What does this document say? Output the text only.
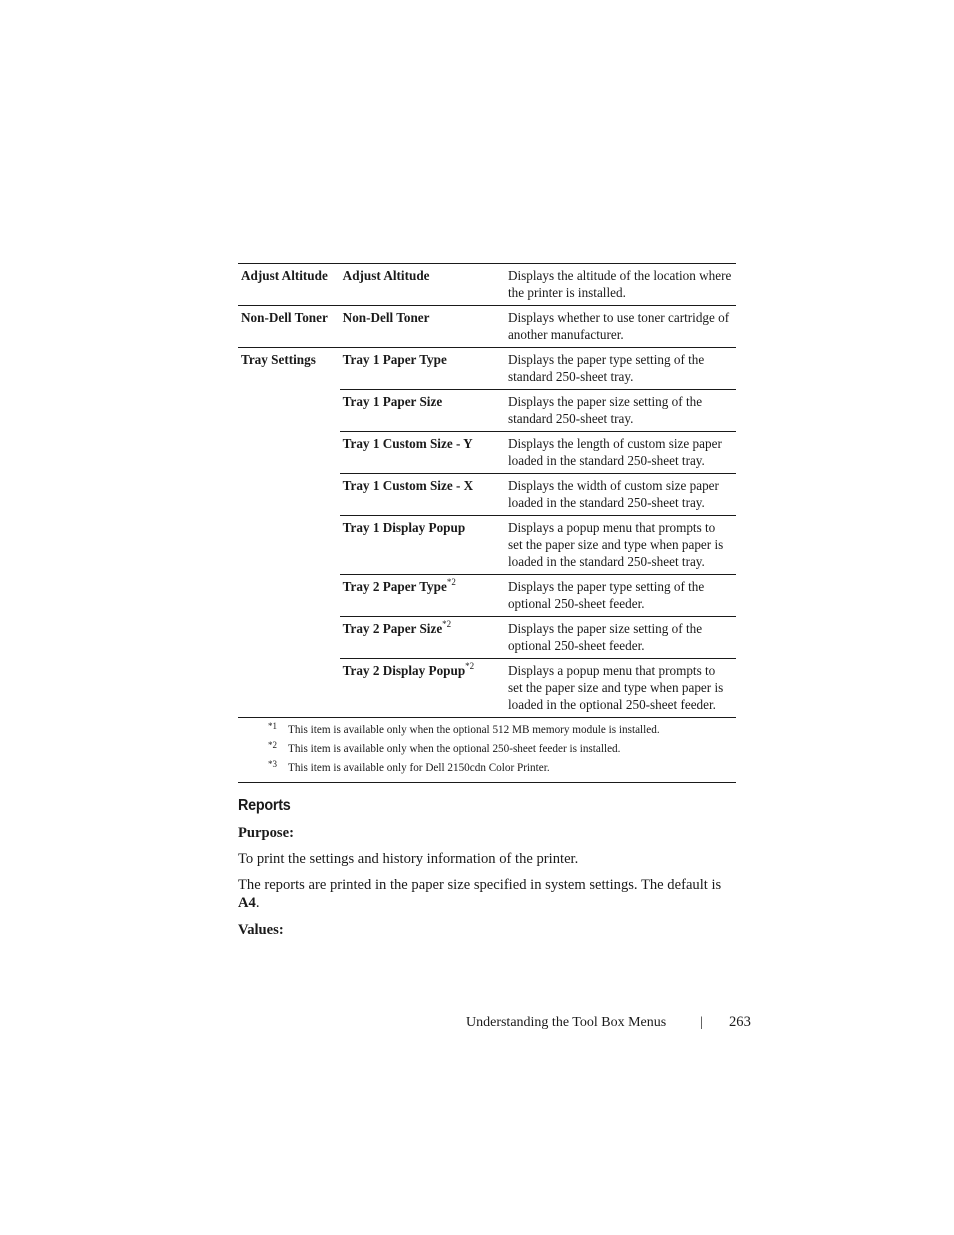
Adjust Altitude	Adjust Altitude	Displays the altitude of the location where the printer is installed.
Non-Dell Toner	Non-Dell Toner	Displays whether to use toner cartridge of another manufacturer.
Tray Settings	Tray 1 Paper Type	Displays the paper type setting of the standard 250-sheet tray.
	Tray 1 Paper Size	Displays the paper size setting of the standard 250-sheet tray.
	Tray 1 Custom Size - Y	Displays the length of custom size paper loaded in the standard 250-sheet tray.
	Tray 1 Custom Size - X	Displays the width of custom size paper loaded in the standard 250-sheet tray.
	Tray 1 Display Popup	Displays a popup menu that prompts to set the paper size and type when paper is loaded in the standard 250-sheet tray.
	Tray 2 Paper Type$^{*2}$	Displays the paper type setting of the optional 250-sheet feeder.
	Tray 2 Paper Size$^{*2}$	Displays the paper size setting of the optional 250-sheet feeder.
	Tray 2 Display Popup$^{*2}$	Displays a popup menu that prompts to set the paper size and type when paper is loaded in the optional 250-sheet feeder.
*1 This item is available only when the optional 512 MB memory module is installed.
*2 This item is available only when the optional 250-sheet feeder is installed.
*3 This item is available only for Dell 2150cdn Color Printer.
Reports
Purpose:

To print the settings and history information of the printer.

The reports are printed in the paper size specified in system settings. The default is A4.

Values:
Understanding the Tool Box Menus | 263
